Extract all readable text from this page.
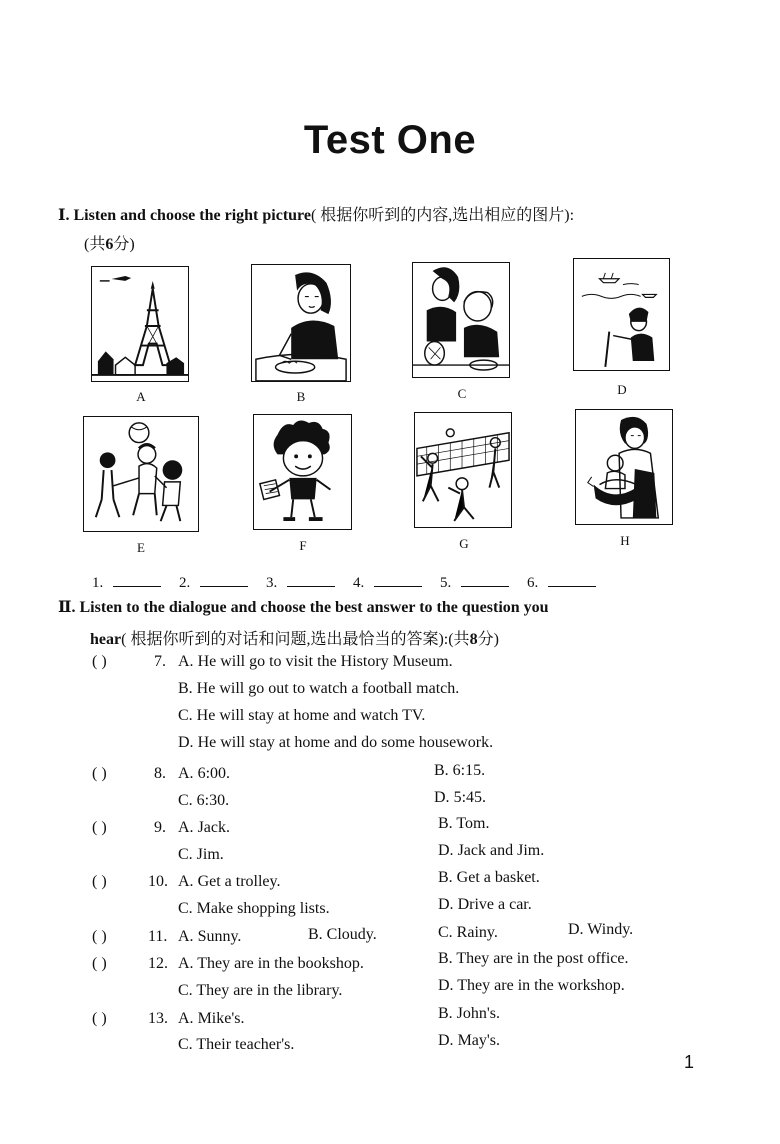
Test One
Ⅰ. Listen and choose the right picture( 根据你听到的内容,选出相应的图片):
(共6分)
A	B	C	D
E	F	G	H
1.	2.	3.	4.	5.	6.
Ⅱ. Listen to the dialogue and choose the best answer to the question you
hear( 根据你听到的对话和问题,选出最恰当的答案):(共8分)
( )	7. A. He will go to visit the History Museum.
B. He will go out to watch a football match.
C. He will stay at home and watch TV.
D. He will stay at home and do some housework.
( )	8. A. 6:00.	B. 6:15.
C. 6:30.	D. 5:45.
( )	9. A. Jack.	B. Tom.
C. Jim.	D. Jack and Jim.
( )	10. A. Get a trolley.	B. Get a basket.
C. Make shopping lists.	D. Drive a car.
( )	11. A. Sunny.	B. Cloudy.	C. Rainy.	D. Windy.
( )	12. A. They are in the bookshop.	B. They are in the post office.
C. They are in the library.	D. They are in the workshop.
( )	13. A. Mike's.	B. John's.
C. Their teacher's.	D. May's.
1
